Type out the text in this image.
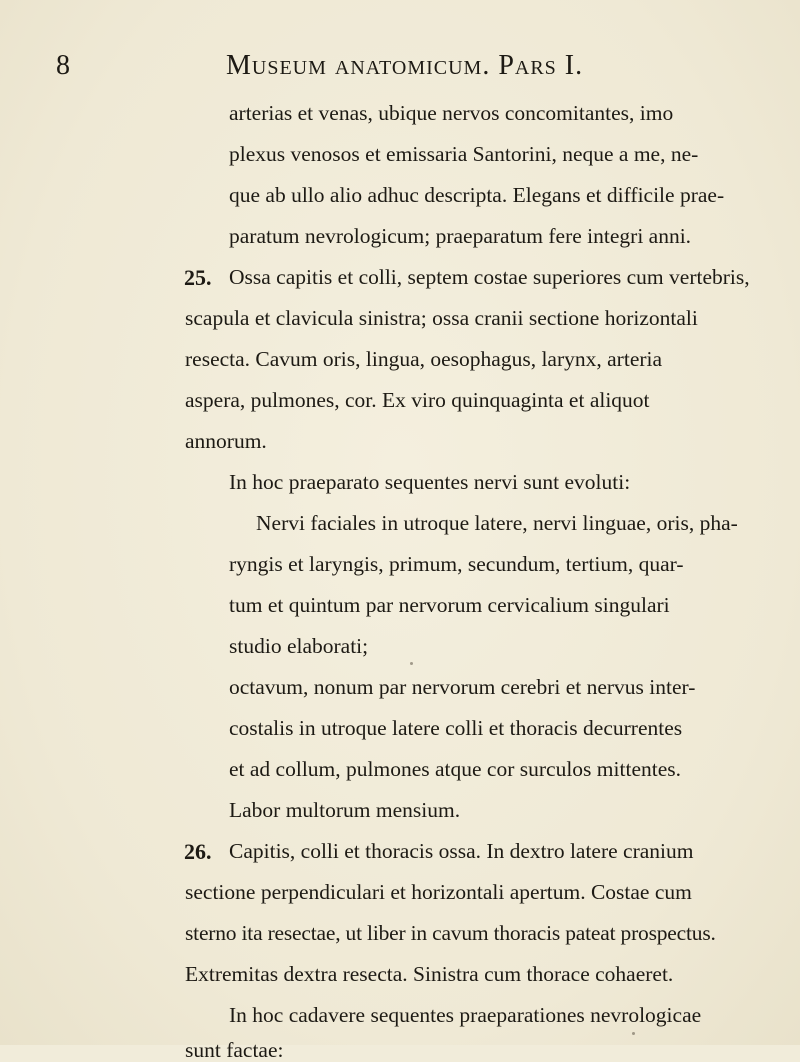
8	Museum anatomicum. Pars I.
arterias et venas, ubique nervos concomitantes, imo
plexus venosos et emissaria Santorini, neque a me, ne-
que ab ullo alio adhuc descripta. Elegans et difficile prae-
paratum nevrologicum; praeparatum fere integri anni.
25. Ossa capitis et colli, septem costae superiores cum vertebris,
scapula et clavicula sinistra; ossa cranii sectione horizontali
resecta. Cavum oris, lingua, oesophagus, larynx, arteria
aspera, pulmones, cor. Ex viro quinquaginta et aliquot
annorum.
In hoc praeparato sequentes nervi sunt evoluti:
Nervi faciales in utroque latere, nervi linguae, oris, pha-
ryngis et laryngis, primum, secundum, tertium, quar-
tum et quintum par nervorum cervicalium singulari
studio elaborati;
octavum, nonum par nervorum cerebri et nervus inter-
costalis in utroque latere colli et thoracis decurrentes
et ad collum, pulmones atque cor surculos mittentes.
Labor multorum mensium.
26. Capitis, colli et thoracis ossa. In dextro latere cranium
sectione perpendiculari et horizontali apertum. Costae cum
sterno ita resectae, ut liber in cavum thoracis pateat prospectus.
Extremitas dextra resecta. Sinistra cum thorace cohaeret.
In hoc cadavere sequentes praeparationes nevrologicae
sunt factae:
